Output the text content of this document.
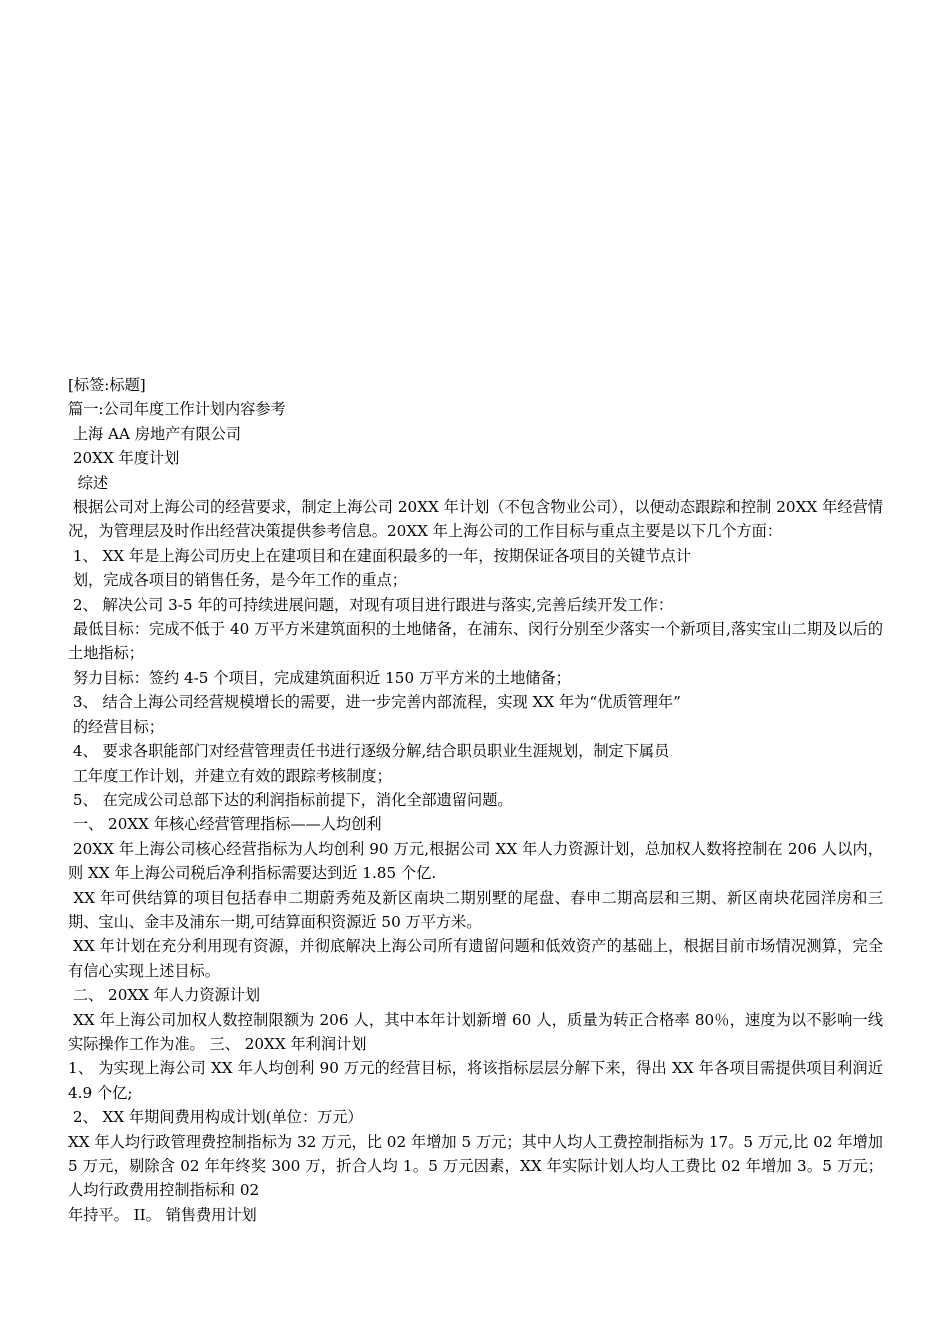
[标签:标题]

篇一:公司年度工作计划内容参考

上海 AA 房地产有限公司

20XX 年度计划

综述

根据公司对上海公司的经营要求，制定上海公司 20XX 年计划（不包含物业公司），以便动态跟踪和控制 20XX 年经营情况，为管理层及时作出经营决策提供参考信息。20XX 年上海公司的工作目标与重点主要是以下几个方面：

1、 XX 年是上海公司历史上在建项目和在建面积最多的一年，按期保证各项目的关键节点计

划，完成各项目的销售任务，是今年工作的重点；

2、 解决公司 3-5 年的可持续进展问题，对现有项目进行跟进与落实,完善后续开发工作：

最低目标：完成不低于 40 万平方米建筑面积的土地储备，在浦东、闵行分别至少落实一个新项目,落实宝山二期及以后的土地指标；

努力目标：签约 4-5 个项目，完成建筑面积近 150 万平方米的土地储备；

3、 结合上海公司经营规模增长的需要，进一步完善内部流程，实现 XX 年为“优质管理年”

的经营目标；

4、 要求各职能部门对经营管理责任书进行逐级分解,结合职员职业生涯规划，制定下属员

工年度工作计划，并建立有效的跟踪考核制度；

5、 在完成公司总部下达的利润指标前提下，消化全部遗留问题。

一、 20XX 年核心经营管理指标——人均创利

20XX 年上海公司核心经营指标为人均创利 90 万元,根据公司 XX 年人力资源计划，总加权人数将控制在 206 人以内，则 XX 年上海公司税后净利指标需要达到近 1.85 个亿.

XX 年可供结算的项目包括春申二期蔚秀苑及新区南块二期别墅的尾盘、春申二期高层和三期、新区南块花园洋房和三期、宝山、金丰及浦东一期,可结算面积资源近 50 万平方米。

XX 年计划在充分利用现有资源，并彻底解决上海公司所有遗留问题和低效资产的基础上，根据目前市场情况测算，完全有信心实现上述目标。

二、 20XX 年人力资源计划

XX 年上海公司加权人数控制限额为 206 人，其中本年计划新增 60 人，质量为转正合格率 80％，速度为以不影响一线实际操作工作为准。 三、 20XX 年利润计划

1、 为实现上海公司 XX 年人均创利 90 万元的经营目标，将该指标层层分解下来，得出 XX 年各项目需提供项目利润近 4.9 个亿;

2、 XX 年期间费用构成计划(单位：万元）

XX 年人均行政管理费控制指标为 32 万元，比 02 年增加 5 万元；其中人均人工费控制指标为 17。5 万元,比 02 年增加 5 万元，剔除含 02 年年终奖 300 万，折合人均 1。5 万元因素，XX 年实际计划人均人工费比 02 年增加 3。5 万元；人均行政费用控制指标和 02

年持平。 II。 销售费用计划
